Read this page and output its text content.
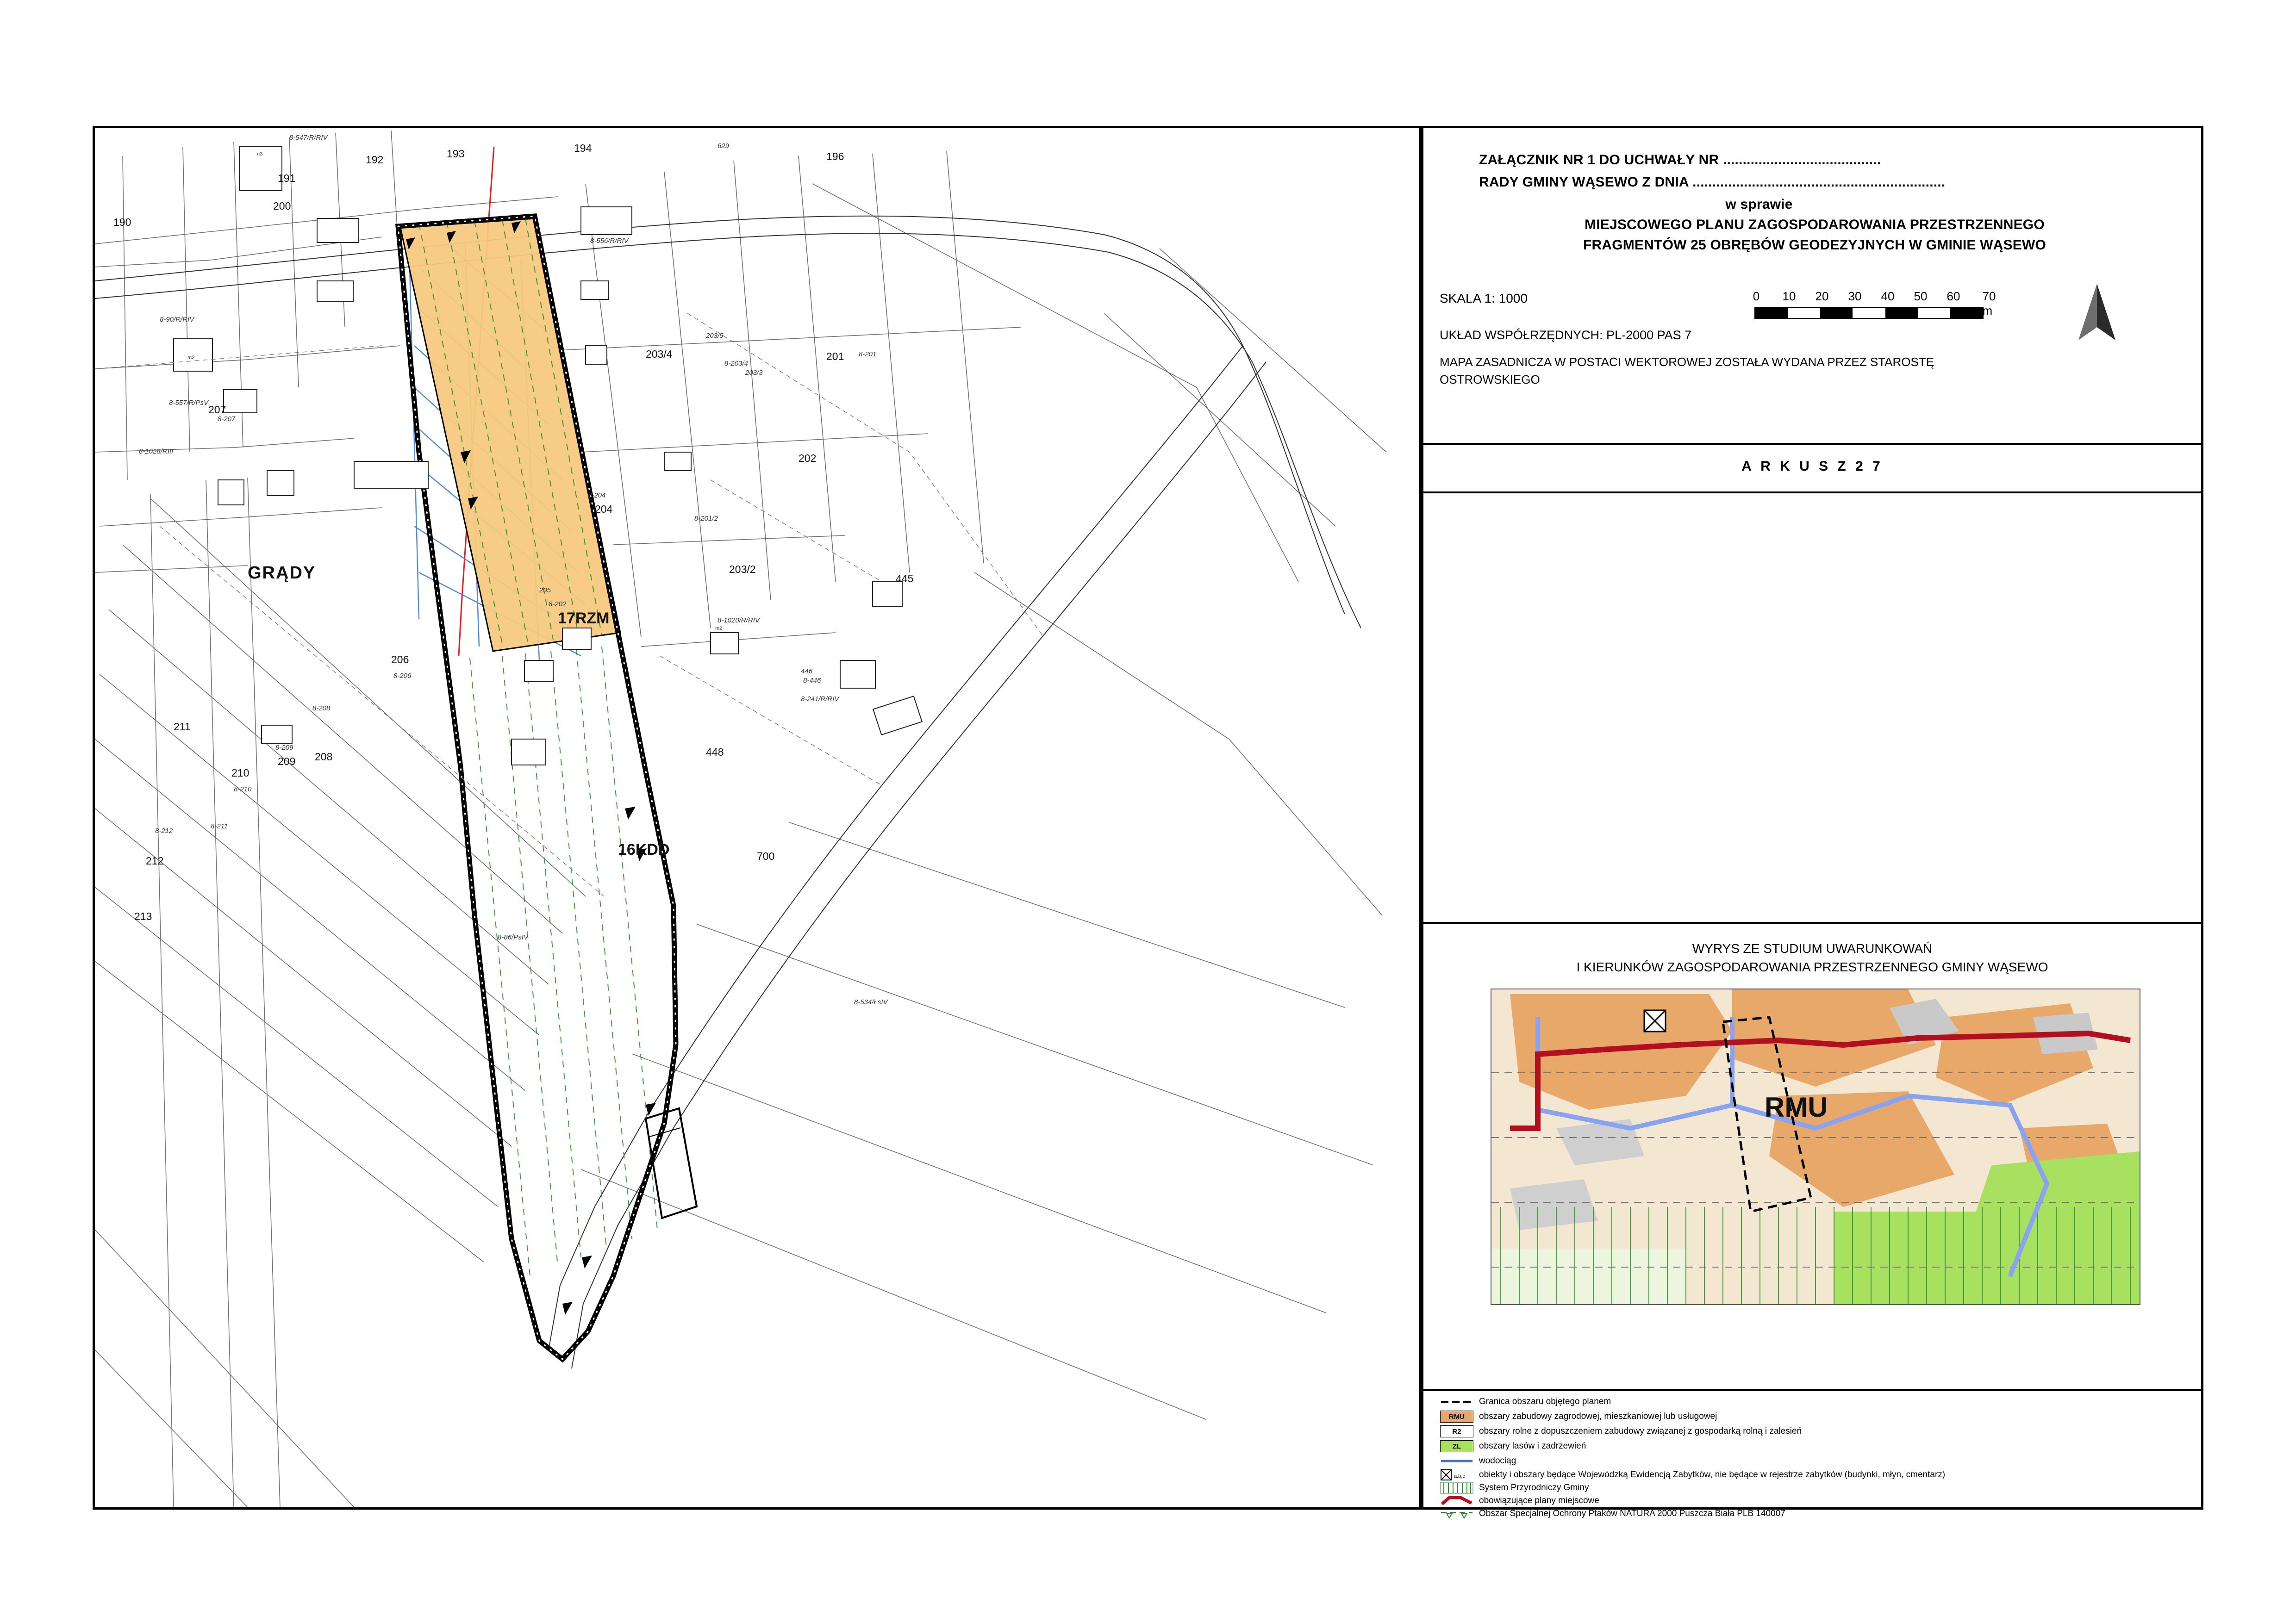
GRĄDY
17RZM
16KDD
190
191
192	193	194
196
629
200
201
203/4
203/5
203/3
203/2
202
204
205
206
207
208
209
210
211
212
213
445
446
448
700
n3
m2
m2
8-547/R/RIV
8-556/R/RIV
8-90/R/RIV
8-207
8-557/R/PsV
8-1028/RIII
8-204
8-201
8-201/2
8-203/4
8-206
8-208
8-209
8-210
8-211
8-212
8-202
8-1020/R/RIV
8-241/R/RIV
8-446
8-86/PsIV
8-534/ŁsIV
ZAŁĄCZNIK NR 1 DO UCHWAŁY NR ........................................
RADY GMINY WĄSEWO Z DNIA ................................................................
w sprawie
MIEJSCOWEGO PLANU ZAGOSPODAROWANIA PRZESTRZENNEGO
FRAGMENTÓW 25 OBRĘBÓW GEODEZYJNYCH W GMINIE WĄSEWO
SKALA 1: 1000
UKŁAD WSPÓŁRZĘDNYCH: PL-2000 PAS 7
MAPA ZASADNICZA W POSTACI WEKTOROWEJ ZOSTAŁA WYDANA PRZEZ STAROSTĘ
OSTROWSKIEGO
0 10 20 30 40 50 60 70 m
A R K U S Z 2 7
WYRYS ZE STUDIUM UWARUNKOWAŃ
I KIERUNKÓW ZAGOSPODAROWANIA PRZESTRZENNEGO GMINY WĄSEWO
RMU
Granica obszaru objętego planem
RMU	obszary zabudowy zagrodowej, mieszkaniowej lub usługowej
R2	obszary rolne z dopuszczeniem zabudowy związanej z gospodarką rolną i zalesień
ZL	obszary lasów i zadrzewień
wodociąg
a,b,c obiekty i obszary będące Wojewódzką Ewidencją Zabytków, nie będące w rejestrze zabytków (budynki, młyn, cmentarz)
System Przyrodniczy Gminy
obowiązujące plany miejscowe
Obszar Specjalnej Ochrony Ptaków NATURA 2000 Puszcza Biała PLB 140007
